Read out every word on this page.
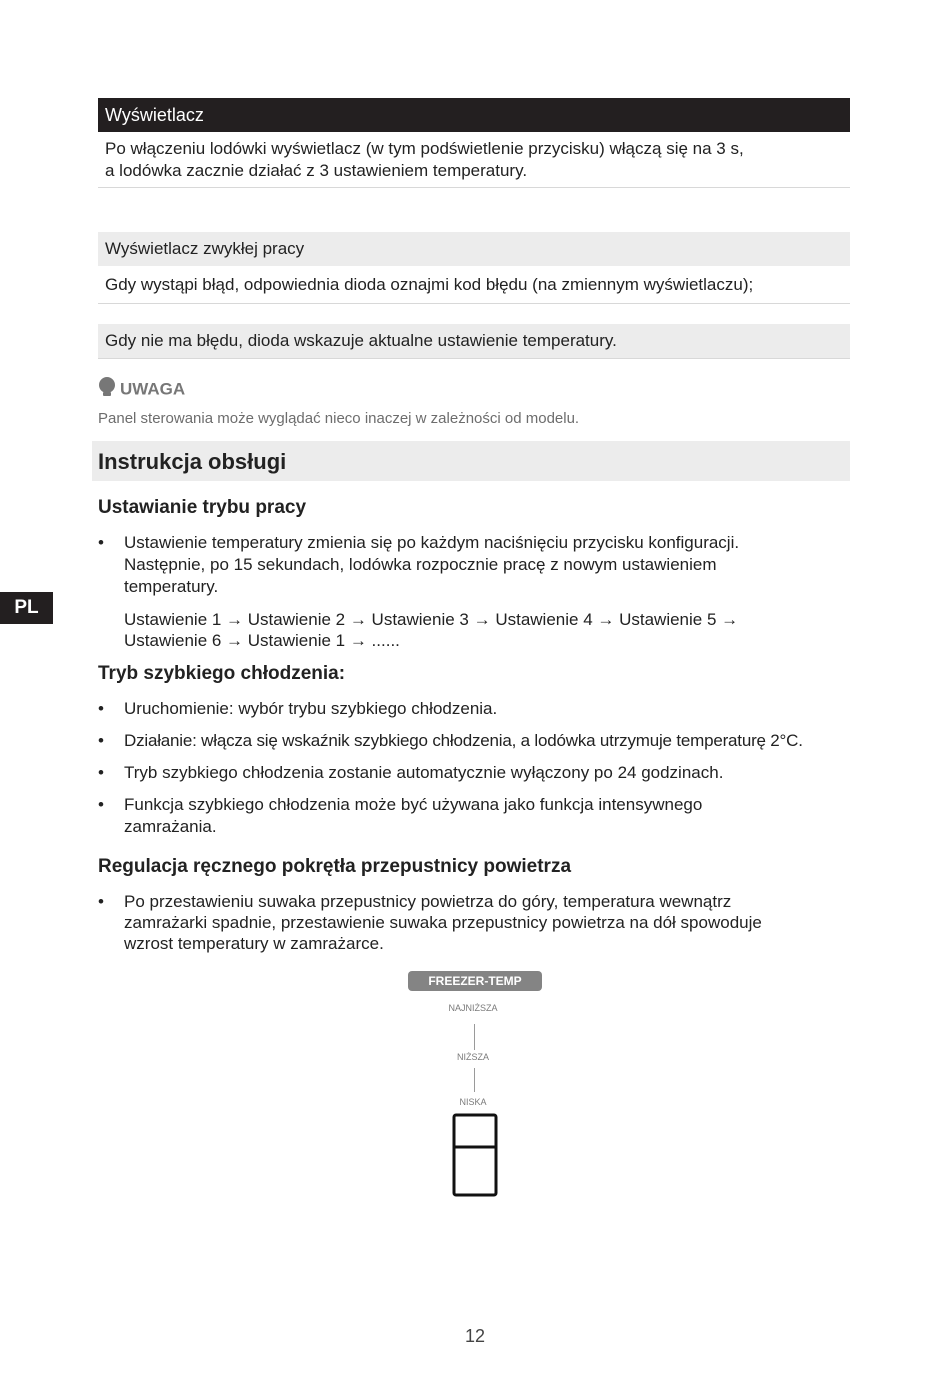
Wyświetlacz
Po włączeniu lodówki wyświetlacz (w tym podświetlenie przycisku) włączą się na 3 s,
a lodówka zacznie działać z 3 ustawieniem temperatury.
Wyświetlacz zwykłej pracy
Gdy wystąpi błąd, odpowiednia dioda oznajmi kod błędu (na zmiennym wyświetlaczu);
Gdy nie ma błędu, dioda wskazuje aktualne ustawienie temperatury.
UWAGA
Panel sterowania może wyglądać nieco inaczej w zależności od modelu.
Instrukcja obsługi
Ustawianie trybu pracy
• Ustawienie temperatury zmienia się po każdym naciśnięciu przycisku konfiguracji.
Następnie, po 15 sekundach, lodówka rozpocznie pracę z nowym ustawieniem
temperatury.
Ustawienie 1 → Ustawienie 2 → Ustawienie 3 → Ustawienie 4 → Ustawienie 5 →
Ustawienie 6 → Ustawienie 1 → ......
PL
Tryb szybkiego chłodzenia:
• Uruchomienie: wybór trybu szybkiego chłodzenia.
• Działanie: włącza się wskaźnik szybkiego chłodzenia, a lodówka utrzymuje temperaturę 2°C.
• Tryb szybkiego chłodzenia zostanie automatycznie wyłączony po 24 godzinach.
• Funkcja szybkiego chłodzenia może być używana jako funkcja intensywnego
zamrażania.
Regulacja ręcznego pokrętła przepustnicy powietrza
• Po przestawieniu suwaka przepustnicy powietrza do góry, temperatura wewnątrz
zamrażarki spadnie, przestawienie suwaka przepustnicy powietrza na dół spowoduje
wzrost temperatury w zamrażarce.
FREEZER-TEMP
NAJNIŻSZA
NIŻSZA
NISKA
12
